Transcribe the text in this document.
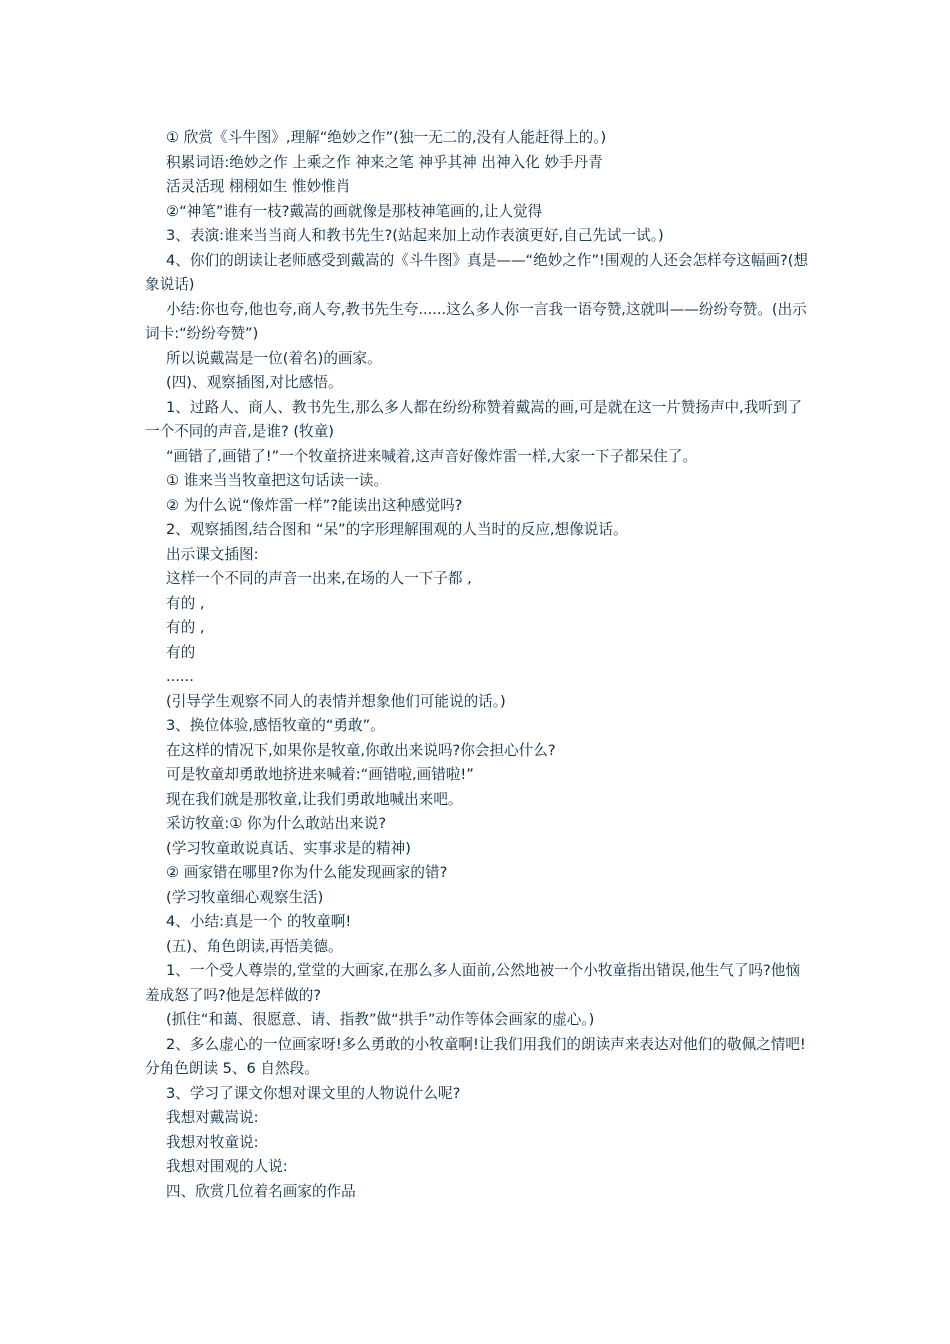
① 欣赏《斗牛图》,理解“绝妙之作”(独一无二的,没有人能赶得上的。)

积累词语:绝妙之作 上乘之作 神来之笔 神乎其神 出神入化 妙手丹青

活灵活现 栩栩如生 惟妙惟肖

②“神笔”谁有一枝?戴嵩的画就像是那枝神笔画的,让人觉得

3、表演:谁来当当商人和教书先生?(站起来加上动作表演更好,自己先试一试。)

4、你们的朗读让老师感受到戴嵩的《斗牛图》真是——“绝妙之作”!围观的人还会怎样夸这幅画?(想象说话)

小结:你也夸,他也夸,商人夸,教书先生夸......这么多人你一言我一语夸赞,这就叫——纷纷夸赞。(出示词卡:“纷纷夸赞”)

所以说戴嵩是一位(着名)的画家。

(四)、观察插图,对比感悟。

1、过路人、商人、教书先生,那么多人都在纷纷称赞着戴嵩的画,可是就在这一片赞扬声中,我听到了一个不同的声音,是谁? (牧童)

“画错了,画错了!”一个牧童挤进来喊着,这声音好像炸雷一样,大家一下子都呆住了。

① 谁来当当牧童把这句话读一读。

② 为什么说“像炸雷一样”?能读出这种感觉吗?

2、观察插图,结合图和 “呆”的字形理解围观的人当时的反应,想像说话。

出示课文插图:

这样一个不同的声音一出来,在场的人一下子都 ,

有的 ,

有的 ,

有的

......

(引导学生观察不同人的表情并想象他们可能说的话。)

3、换位体验,感悟牧童的“勇敢”。

在这样的情况下,如果你是牧童,你敢出来说吗?你会担心什么?

可是牧童却勇敢地挤进来喊着:“画错啦,画错啦!”

现在我们就是那牧童,让我们勇敢地喊出来吧。

采访牧童:① 你为什么敢站出来说?

(学习牧童敢说真话、实事求是的精神)

② 画家错在哪里?你为什么能发现画家的错?

(学习牧童细心观察生活)

4、小结:真是一个 的牧童啊!

(五)、角色朗读,再悟美德。

1、一个受人尊崇的,堂堂的大画家,在那么多人面前,公然地被一个小牧童指出错误,他生气了吗?他恼羞成怒了吗?他是怎样做的?

(抓住“和蔼、很愿意、请、指教”做“拱手”动作等体会画家的虚心。)

2、多么虚心的一位画家呀!多么勇敢的小牧童啊!让我们用我们的朗读声来表达对他们的敬佩之情吧!分角色朗读 5、6 自然段。

3、学习了课文你想对课文里的人物说什么呢?

我想对戴嵩说:

我想对牧童说:

我想对围观的人说:

四、欣赏几位着名画家的作品
